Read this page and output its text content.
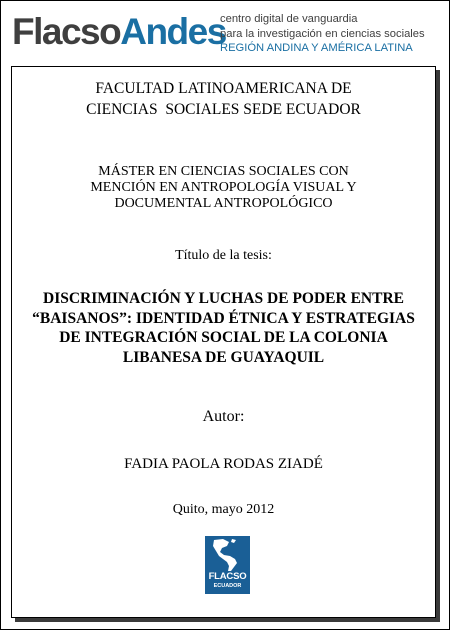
FlacsoAndes
centro digital de vanguardia
para la investigación en ciencias sociales
REGIÓN ANDINA Y AMÉRICA LATINA
FACULTAD LATINOAMERICANA DE
CIENCIAS  SOCIALES SEDE ECUADOR
MÁSTER EN CIENCIAS SOCIALES CON
MENCIÓN EN ANTROPOLOGÍA VISUAL Y
DOCUMENTAL ANTROPOLÓGICO
Título de la tesis:
DISCRIMINACIÓN Y LUCHAS DE PODER ENTRE
“BAISANOS”: IDENTIDAD ÉTNICA Y ESTRATEGIAS
DE INTEGRACIÓN SOCIAL DE LA COLONIA
LIBANESA DE GUAYAQUIL
Autor:
FADIA PAOLA RODAS ZIADÉ
Quito, mayo 2012
FLACSO
ECUADOR
